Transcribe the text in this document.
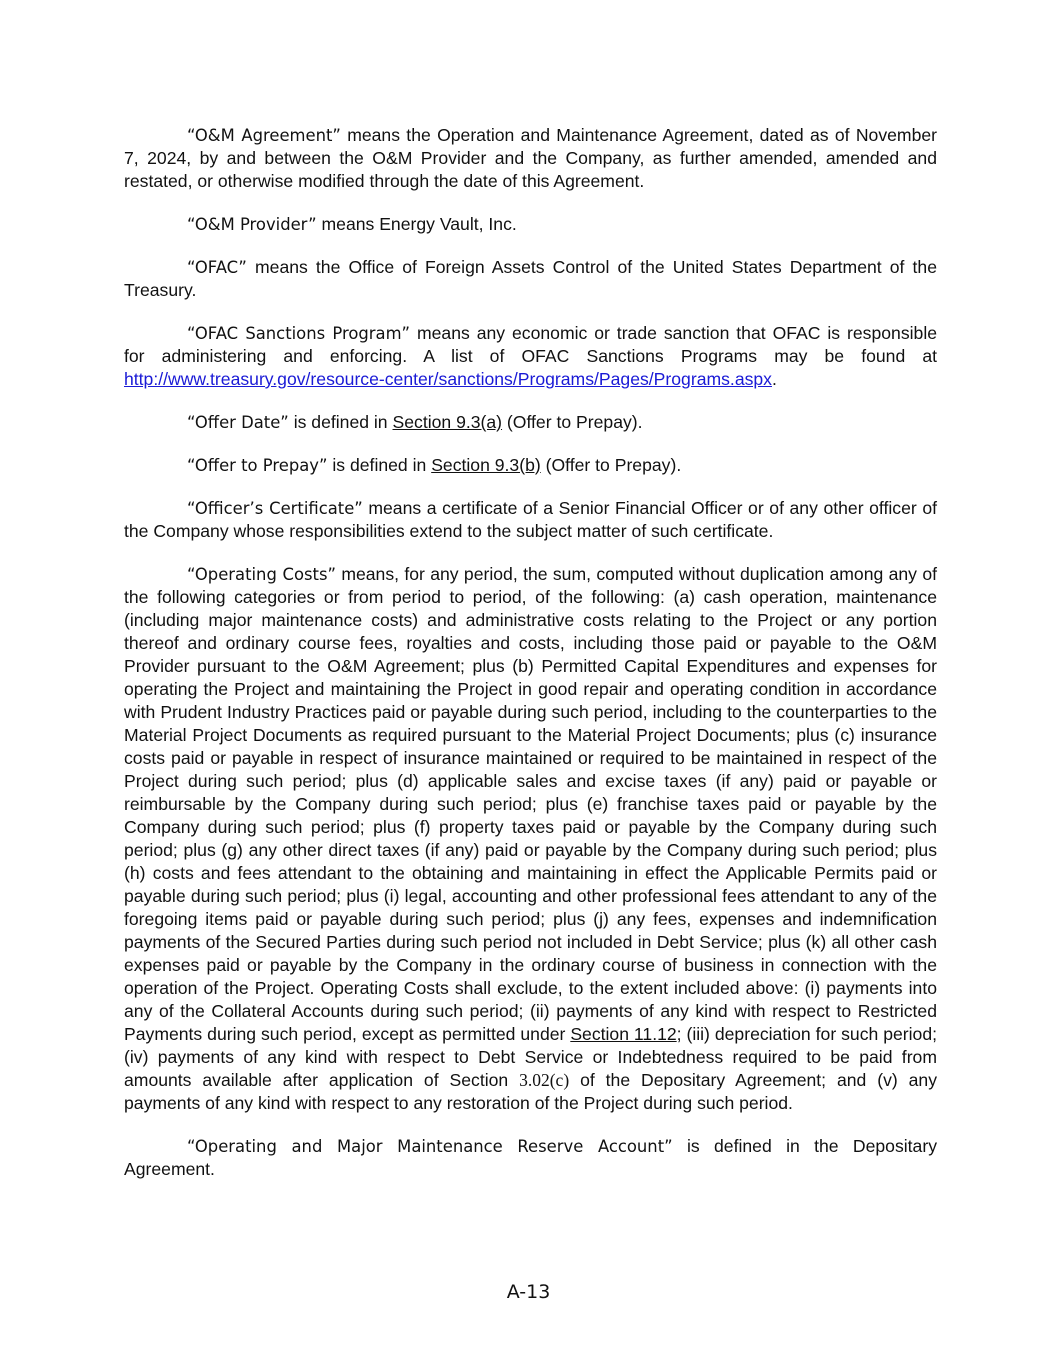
“O&M Agreement” means the Operation and Maintenance Agreement, dated as of November 7, 2024, by and between the O&M Provider and the Company, as further amended, amended and restated, or otherwise modified through the date of this Agreement.

“O&M Provider” means Energy Vault, Inc.

“OFAC” means the Office of Foreign Assets Control of the United States Department of the Treasury.

“OFAC Sanctions Program” means any economic or trade sanction that OFAC is responsible for administering and enforcing. A list of OFAC Sanctions Programs may be found at http://www.treasury.gov/resource-center/sanctions/Programs/Pages/Programs.aspx.

“Offer Date” is defined in Section 9.3(a) (Offer to Prepay).

“Offer to Prepay” is defined in Section 9.3(b) (Offer to Prepay).

“Officer’s Certificate” means a certificate of a Senior Financial Officer or of any other officer of the Company whose responsibilities extend to the subject matter of such certificate.

“Operating Costs” means, for any period, the sum, computed without duplication among any of the following categories or from period to period, of the following: (a) cash operation, maintenance (including major maintenance costs) and administrative costs relating to the Project or any portion thereof and ordinary course fees, royalties and costs, including those paid or payable to the O&M Provider pursuant to the O&M Agreement; plus (b) Permitted Capital Expenditures and expenses for operating the Project and maintaining the Project in good repair and operating condition in accordance with Prudent Industry Practices paid or payable during such period, including to the counterparties to the Material Project Documents as required pursuant to the Material Project Documents; plus (c) insurance costs paid or payable in respect of insurance maintained or required to be maintained in respect of the Project during such period; plus (d) applicable sales and excise taxes (if any) paid or payable or reimbursable by the Company during such period; plus (e) franchise taxes paid or payable by the Company during such period; plus (f) property taxes paid or payable by the Company during such period; plus (g) any other direct taxes (if any) paid or payable by the Company during such period; plus (h) costs and fees attendant to the obtaining and maintaining in effect the Applicable Permits paid or payable during such period; plus (i) legal, accounting and other professional fees attendant to any of the foregoing items paid or payable during such period; plus (j) any fees, expenses and indemnification payments of the Secured Parties during such period not included in Debt Service; plus (k) all other cash expenses paid or payable by the Company in the ordinary course of business in connection with the operation of the Project. Operating Costs shall exclude, to the extent included above: (i) payments into any of the Collateral Accounts during such period; (ii) payments of any kind with respect to Restricted Payments during such period, except as permitted under Section 11.12; (iii) depreciation for such period; (iv) payments of any kind with respect to Debt Service or Indebtedness required to be paid from amounts available after application of Section 3.02(c) of the Depositary Agreement; and (v) any payments of any kind with respect to any restoration of the Project during such period.

“Operating and Major Maintenance Reserve Account” is defined in the Depositary Agreement.

A-13
